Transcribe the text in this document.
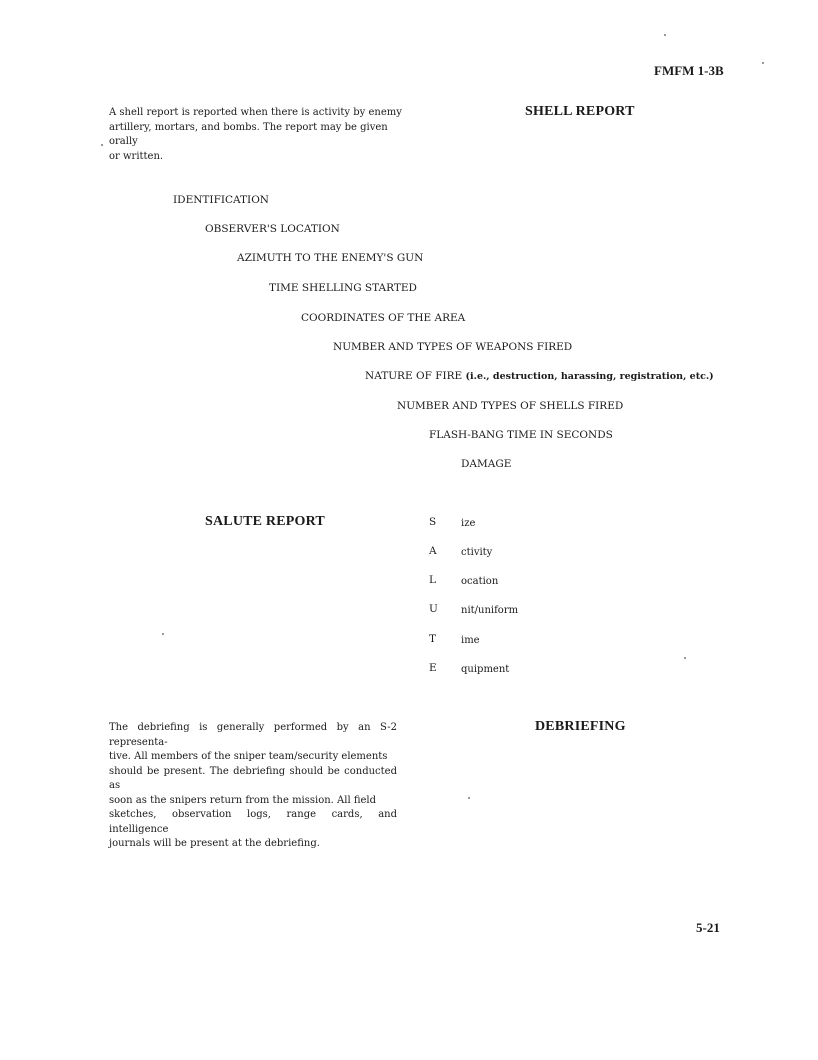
FMFM 1-3B
SHELL REPORT
A shell report is reported when there is activity by enemy
artillery, mortars, and bombs. The report may be given orally
or written.
IDENTIFICATION
OBSERVER'S LOCATION
AZIMUTH TO THE ENEMY'S GUN
TIME SHELLING STARTED
COORDINATES OF THE AREA
NUMBER AND TYPES OF WEAPONS FIRED
NATURE OF FIRE (i.e., destruction, harassing, registration, etc.)
NUMBER AND TYPES OF SHELLS FIRED
FLASH-BANG TIME IN SECONDS
DAMAGE
SALUTE REPORT	S	ize
A	ctivity
L	ocation
U	nit/uniform
T	ime
E	quipment
DEBRIEFING
The debriefing is generally performed by an S-2 representa-
tive. All members of the sniper team/security elements
should be present. The debriefing should be conducted as
soon as the snipers return from the mission. All field
sketches, observation logs, range cards, and intelligence
journals will be present at the debriefing.
5-21
